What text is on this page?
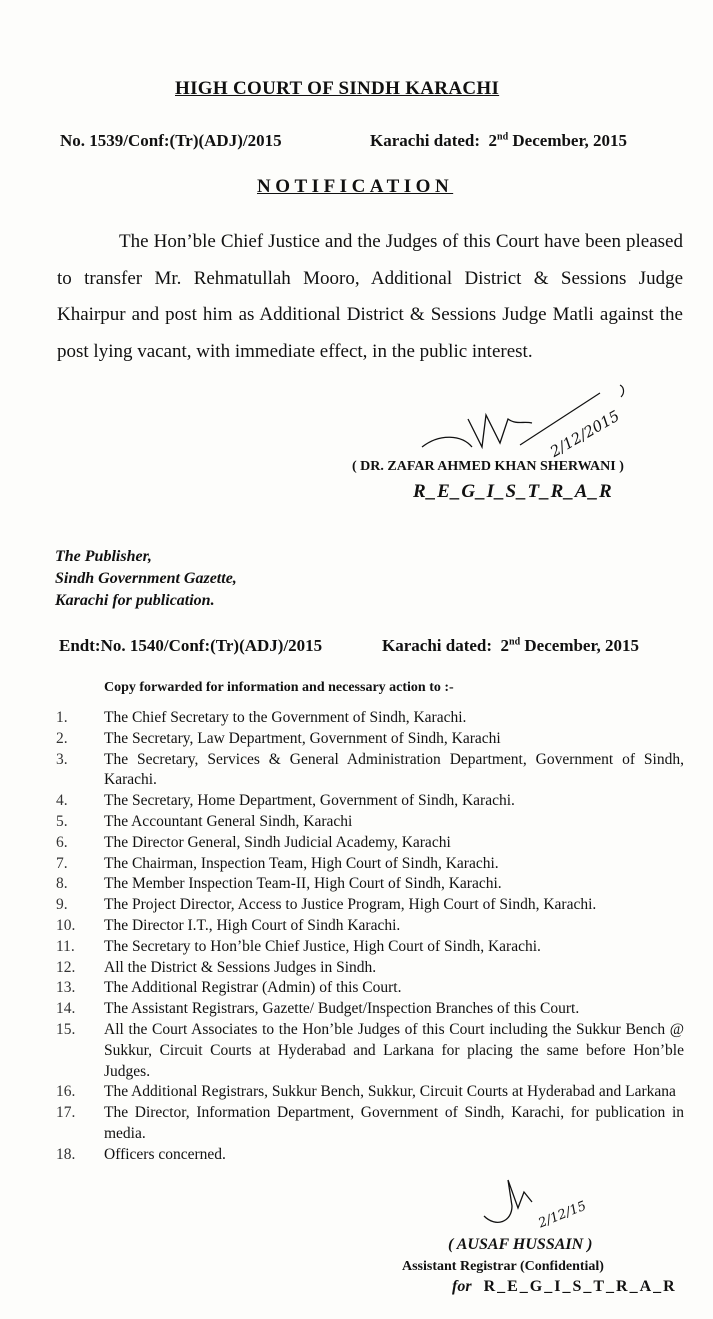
HIGH COURT OF SINDH KARACHI
No. 1539/Conf:(Tr)(ADJ)/2015	Karachi dated: 2nd December, 2015
NOTIFICATION
The Hon’ble Chief Justice and the Judges of this Court have been pleased to transfer Mr. Rehmatullah Mooro, Additional District & Sessions Judge Khairpur and post him as Additional District & Sessions Judge Matli against the post lying vacant, with immediate effect, in the public interest.
2/12/2015
( DR. ZAFAR AHMED KHAN SHERWANI )
R_E_G_I_S_T_R_A_R
The Publisher,
Sindh Government Gazette,
Karachi for publication.
Endt:No. 1540/Conf:(Tr)(ADJ)/2015	Karachi dated: 2nd December, 2015
Copy forwarded for information and necessary action to :-
1.	The Chief Secretary to the Government of Sindh, Karachi.
2.	The Secretary, Law Department, Government of Sindh, Karachi
3.	The Secretary, Services & General Administration Department, Government of Sindh, Karachi.
4.	The Secretary, Home Department, Government of Sindh, Karachi.
5.	The Accountant General Sindh, Karachi
6.	The Director General, Sindh Judicial Academy, Karachi
7.	The Chairman, Inspection Team, High Court of Sindh, Karachi.
8.	The Member Inspection Team-II, High Court of Sindh, Karachi.
9.	The Project Director, Access to Justice Program, High Court of Sindh, Karachi.
10.	The Director I.T., High Court of Sindh Karachi.
11.	The Secretary to Hon’ble Chief Justice, High Court of Sindh, Karachi.
12.	All the District & Sessions Judges in Sindh.
13.	The Additional Registrar (Admin) of this Court.
14.	The Assistant Registrars, Gazette/ Budget/Inspection Branches of this Court.
15.	All the Court Associates to the Hon’ble Judges of this Court including the Sukkur Bench @ Sukkur, Circuit Courts at Hyderabad and Larkana for placing the same before Hon’ble Judges.
16.	The Additional Registrars, Sukkur Bench, Sukkur, Circuit Courts at Hyderabad and Larkana
17.	The Director, Information Department, Government of Sindh, Karachi, for publication in media.
18.	Officers concerned.
2/12/15
( AUSAF HUSSAIN )
Assistant Registrar (Confidential)
for R_E_G_I_S_T_R_A_R
